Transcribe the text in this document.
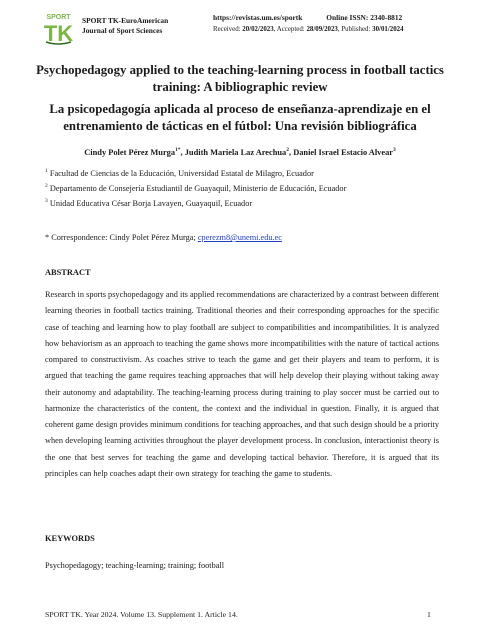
SPORT
TK
SPORT TK-EuroAmerican
Journal of Sport Sciences
https://revistas.um.es/sportk	Online ISSN: 2340-8812
Received: 20/02/2023, Accepted: 28/09/2023, Published: 30/01/2024
Psychopedagogy applied to the teaching-learning process in football tactics training: A bibliographic review
La psicopedagogía aplicada al proceso de enseñanza-aprendizaje en el entrenamiento de tácticas en el fútbol: Una revisión bibliográfica
Cindy Polet Pérez Murga$^{1*}$, Judith Mariela Laz Arechua$^2$, Daniel Israel Estacio Alvear$^3$
$^1$ Facultad de Ciencias de la Educación, Universidad Estatal de Milagro, Ecuador
$^2$ Departamento de Consejería Estudiantil de Guayaquil, Ministerio de Educación, Ecuador
$^3$ Unidad Educativa César Borja Lavayen, Guayaquil, Ecuador
* Correspondence: Cindy Polet Pérez Murga; cperezm8@unemi.edu.ec
ABSTRACT
Research in sports psychopedagogy and its applied recommendations are characterized by a contrast between different learning theories in football tactics training. Traditional theories and their corresponding approaches for the specific case of teaching and learning how to play football are subject to compatibilities and incompatibilities. It is analyzed how behaviorism as an approach to teaching the game shows more incompatibilities with the nature of tactical actions compared to constructivism. As coaches strive to teach the game and get their players and team to perform, it is argued that teaching the game requires teaching approaches that will help develop their playing without taking away their autonomy and adaptability. The teaching-learning process during training to play soccer must be carried out to harmonize the characteristics of the content, the context and the individual in question. Finally, it is argued that coherent game design provides minimum conditions for teaching approaches, and that such design should be a priority when developing learning activities throughout the player development process. In conclusion, interactionist theory is the one that best serves for teaching the game and developing tactical behavior. Therefore, it is argued that its principles can help coaches adapt their own strategy for teaching the game to students.
KEYWORDS
Psychopedagogy; teaching-learning; training; football
SPORT TK. Year 2024. Volume 13. Supplement 1. Article 14.	1
